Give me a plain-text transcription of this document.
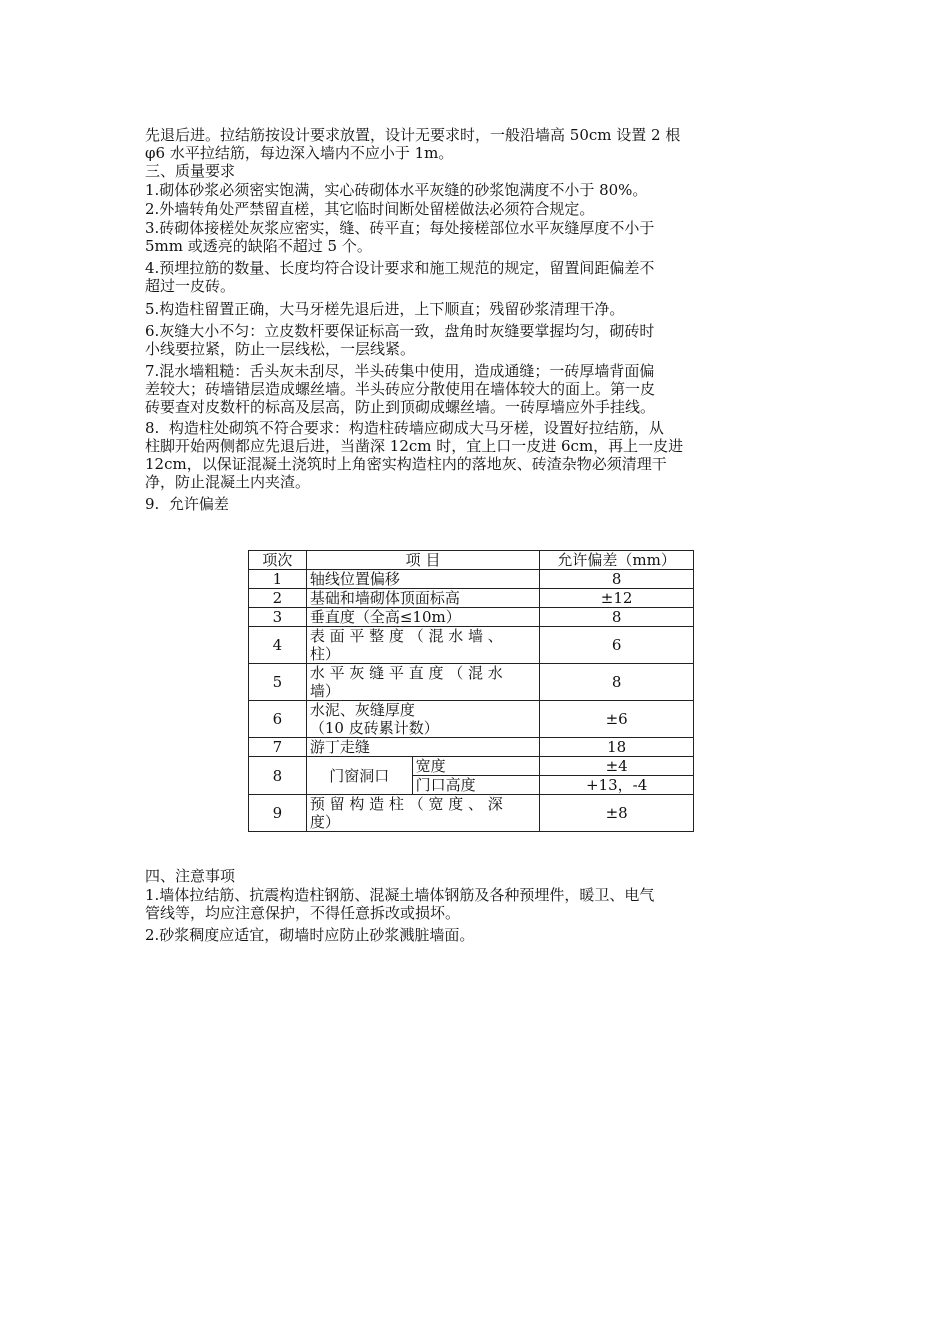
先退后进。拉结筋按设计要求放置，设计无要求时，一般沿墙高 50cm 设置 2 根
φ6 水平拉结筋，每边深入墙内不应小于 1m。

三、质量要求

1.砌体砂浆必须密实饱满，实心砖砌体水平灰缝的砂浆饱满度不小于 80%。

2.外墙转角处严禁留直槎，其它临时间断处留槎做法必须符合规定。

3.砖砌体接槎处灰浆应密实，缝、砖平直；每处接槎部位水平灰缝厚度不小于
5mm 或透亮的缺陷不超过 5 个。

4.预埋拉筋的数量、长度均符合设计要求和施工规范的规定，留置间距偏差不
超过一皮砖。

5.构造柱留置正确，大马牙槎先退后进，上下顺直；残留砂浆清理干净。

6.灰缝大小不匀：立皮数杆要保证标高一致，盘角时灰缝要掌握均匀，砌砖时
小线要拉紧，防止一层线松，一层线紧。

7.混水墙粗糙：舌头灰未刮尽，半头砖集中使用，造成通缝；一砖厚墙背面偏
差较大；砖墙错层造成螺丝墙。半头砖应分散使用在墙体较大的面上。第一皮
砖要查对皮数杆的标高及层高，防止到顶砌成螺丝墙。一砖厚墙应外手挂线。

8.  构造柱处砌筑不符合要求：构造柱砖墙应砌成大马牙槎，设置好拉结筋，从
柱脚开始两侧都应先退后进，当凿深 12cm 时，宜上口一皮进 6cm，再上一皮进
12cm，以保证混凝土浇筑时上角密实构造柱内的落地灰、砖渣杂物必须清理干
净，防止混凝土内夹渣。

9.  允许偏差

项次	项 目		允许偏差（mm）
1	轴线位置偏移		8
2	基础和墙砌体顶面标高		±12
3	垂直度（全高≤10m）		8
4	表 面 平 整 度 （ 混 水 墙 、
柱）		6
5	水 平 灰 缝 平 直 度 （ 混 水
墙）		8
6	水泥、灰缝厚度
（10 皮砖累计数）		±6
7	游丁走缝		18
8	门窗洞口	宽度	±4
		门口高度	+13，-4
9	预 留 构 造 柱 （ 宽 度 、 深
度）		±8

四、注意事项

1.墙体拉结筋、抗震构造柱钢筋、混凝土墙体钢筋及各种预埋件，暖卫、电气
管线等，均应注意保护，不得任意拆改或损坏。

2.砂浆稠度应适宜，砌墙时应防止砂浆溅脏墙面。
